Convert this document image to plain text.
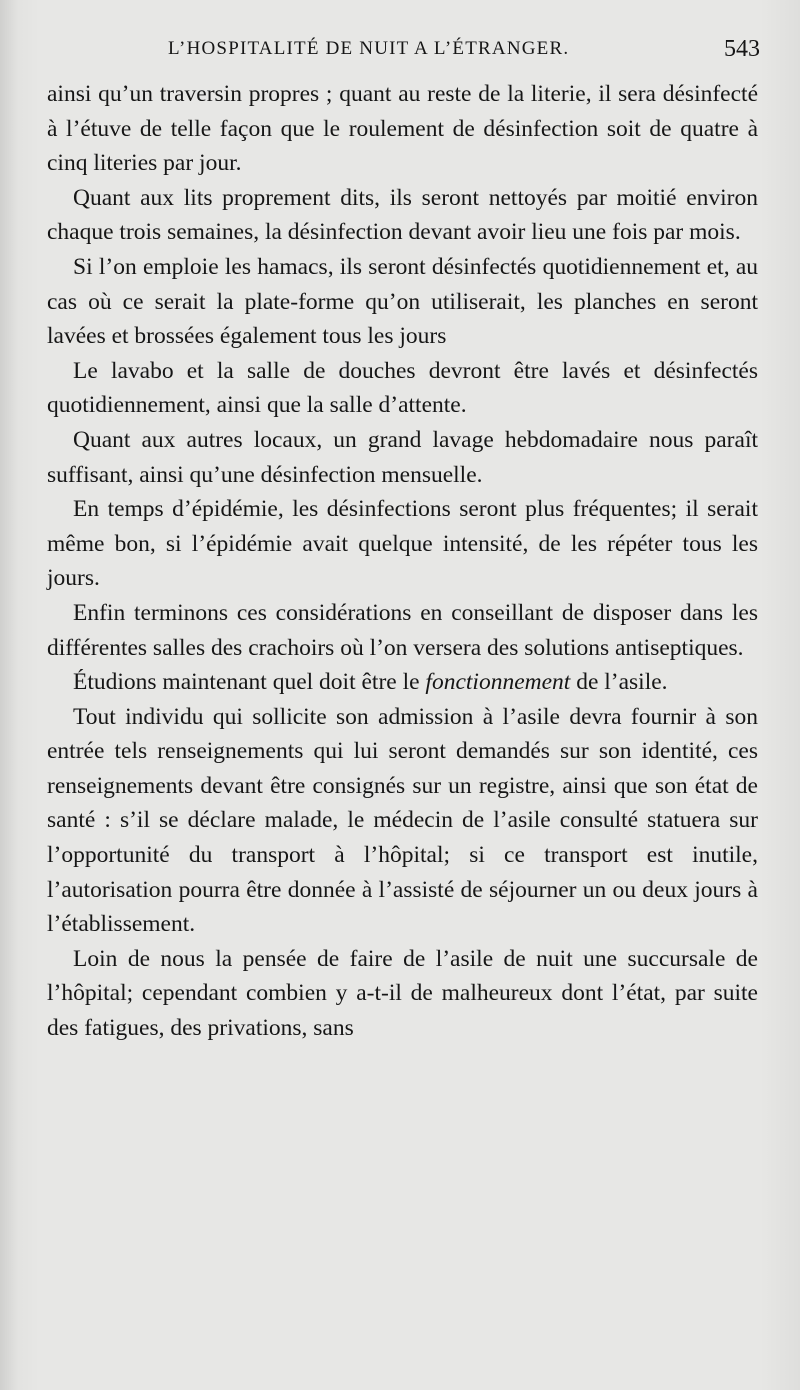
L’HOSPITALITÉ DE NUIT A L’ÉTRANGER.	543

ainsi qu’un traversin propres ; quant au reste de la literie, il sera désinfecté à l’étuve de telle façon que le roulement de désinfection soit de quatre à cinq literies par jour.

Quant aux lits proprement dits, ils seront nettoyés par moitié environ chaque trois semaines, la désinfection devant avoir lieu une fois par mois.

Si l’on emploie les hamacs, ils seront désinfectés quotidiennement et, au cas où ce serait la plate-forme qu’on utiliserait, les planches en seront lavées et brossées également tous les jours

Le lavabo et la salle de douches devront être lavés et désinfectés quotidiennement, ainsi que la salle d’attente.

Quant aux autres locaux, un grand lavage hebdomadaire nous paraît suffisant, ainsi qu’une désinfection mensuelle.

En temps d’épidémie, les désinfections seront plus fréquentes; il serait même bon, si l’épidémie avait quelque intensité, de les répéter tous les jours.

Enfin terminons ces considérations en conseillant de disposer dans les différentes salles des crachoirs où l’on versera des solutions antiseptiques.

Étudions maintenant quel doit être le fonctionnement de l’asile.

Tout individu qui sollicite son admission à l’asile devra fournir à son entrée tels renseignements qui lui seront demandés sur son identité, ces renseignements devant être consignés sur un registre, ainsi que son état de santé : s’il se déclare malade, le médecin de l’asile consulté statuera sur l’opportunité du transport à l’hôpital; si ce transport est inutile, l’autorisation pourra être donnée à l’assisté de séjourner un ou deux jours à l’établissement.

Loin de nous la pensée de faire de l’asile de nuit une succursale de l’hôpital; cependant combien y a-t-il de malheureux dont l’état, par suite des fatigues, des privations, sans
